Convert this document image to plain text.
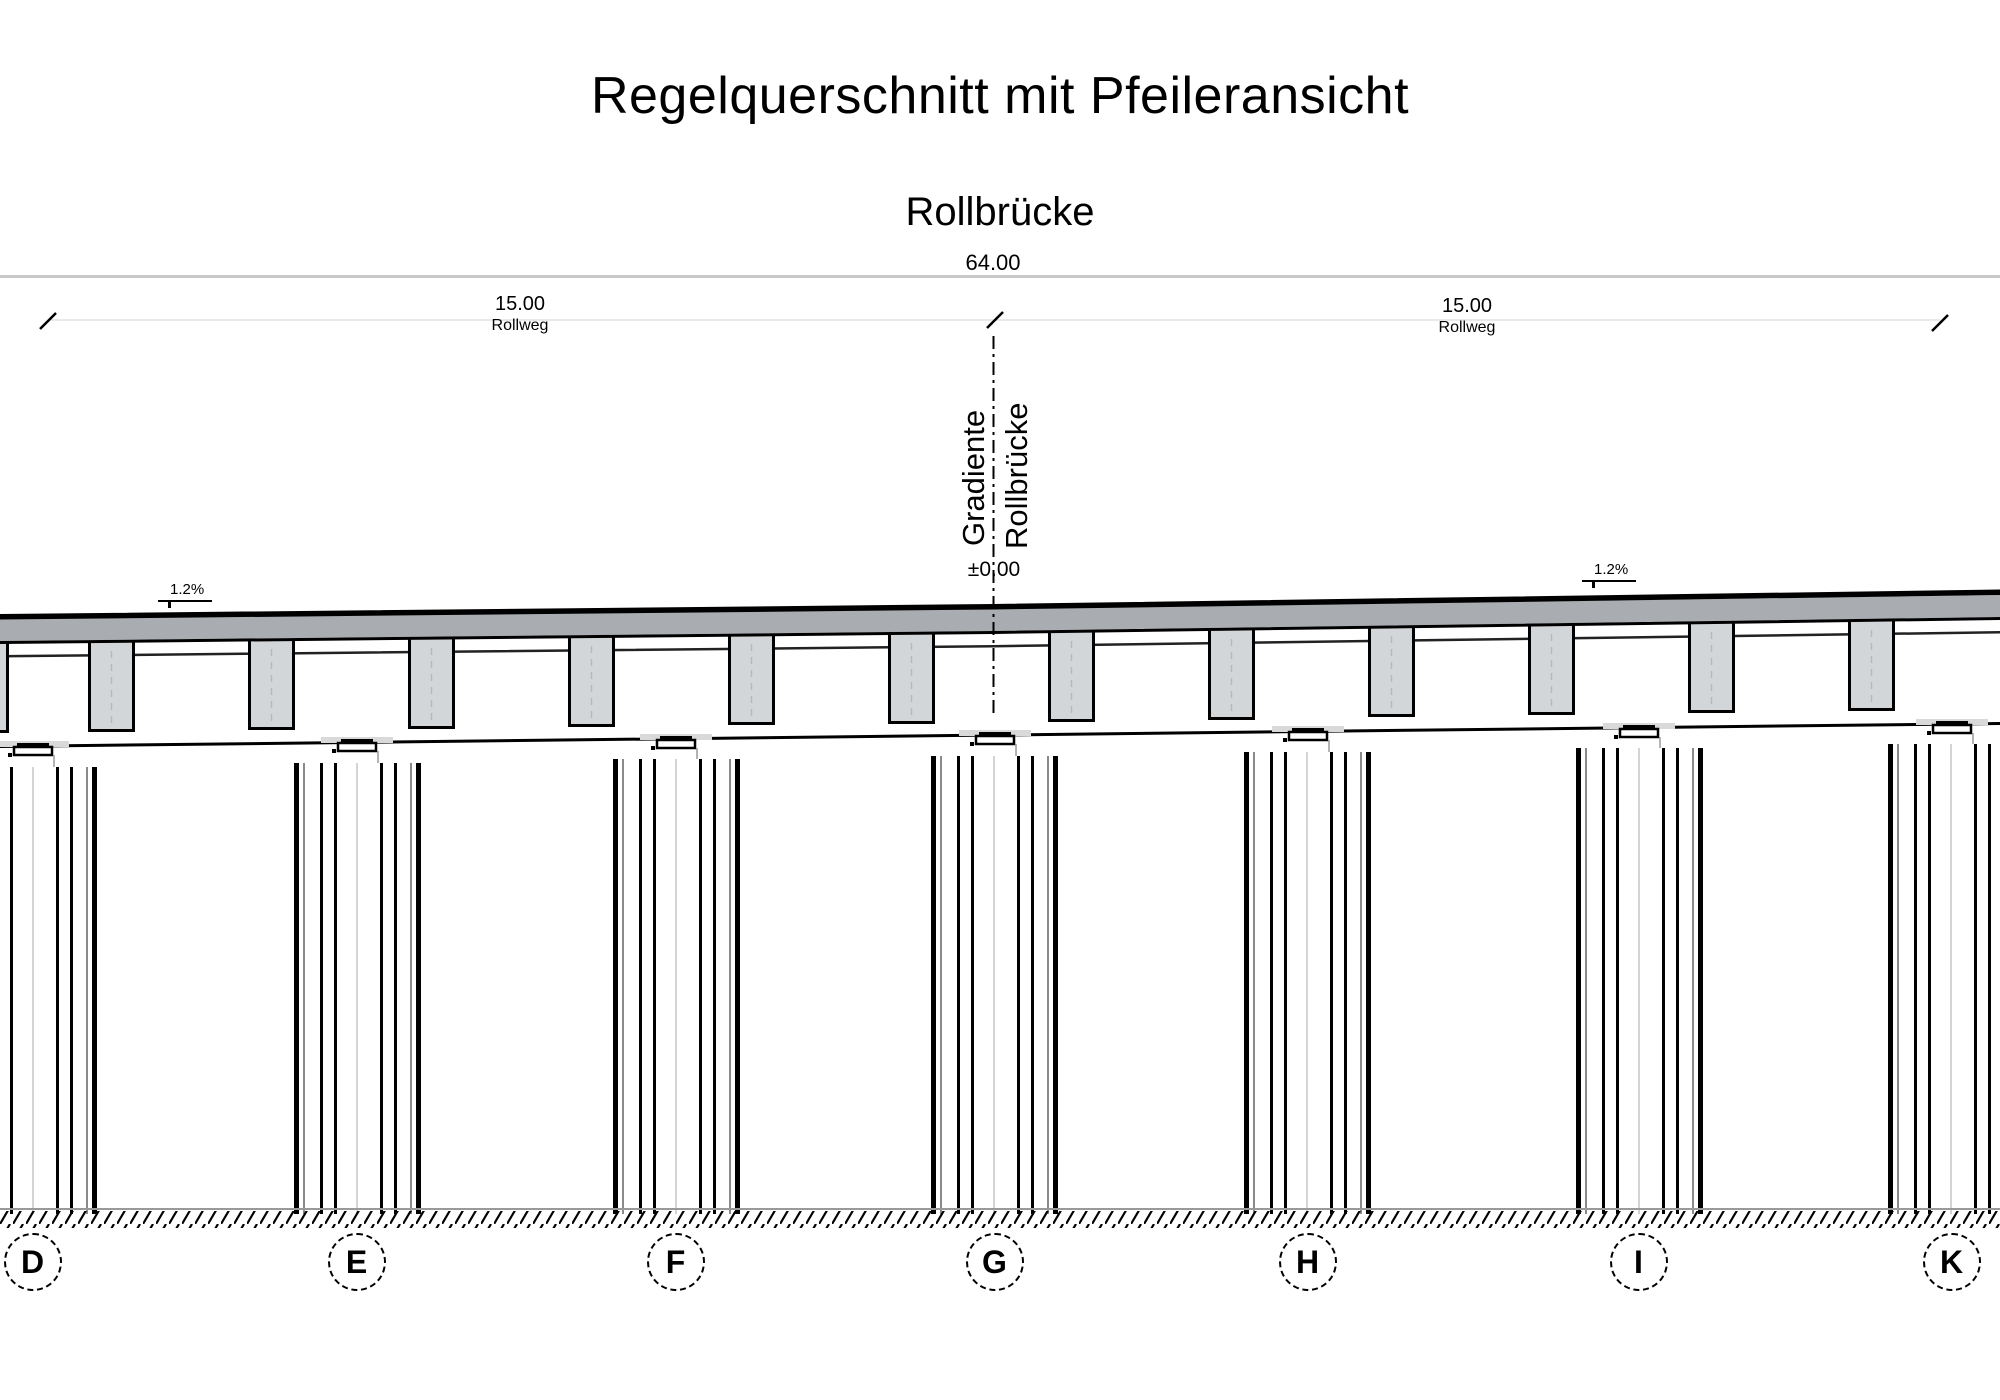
Regelquerschnitt mit Pfeileransicht
Rollbrücke
64.00
15.00
Rollweg
15.00
Rollweg
1.2%
1.2%
Gradiente Rollbrücke
±0.00
D	E	F	G	H	I	K
